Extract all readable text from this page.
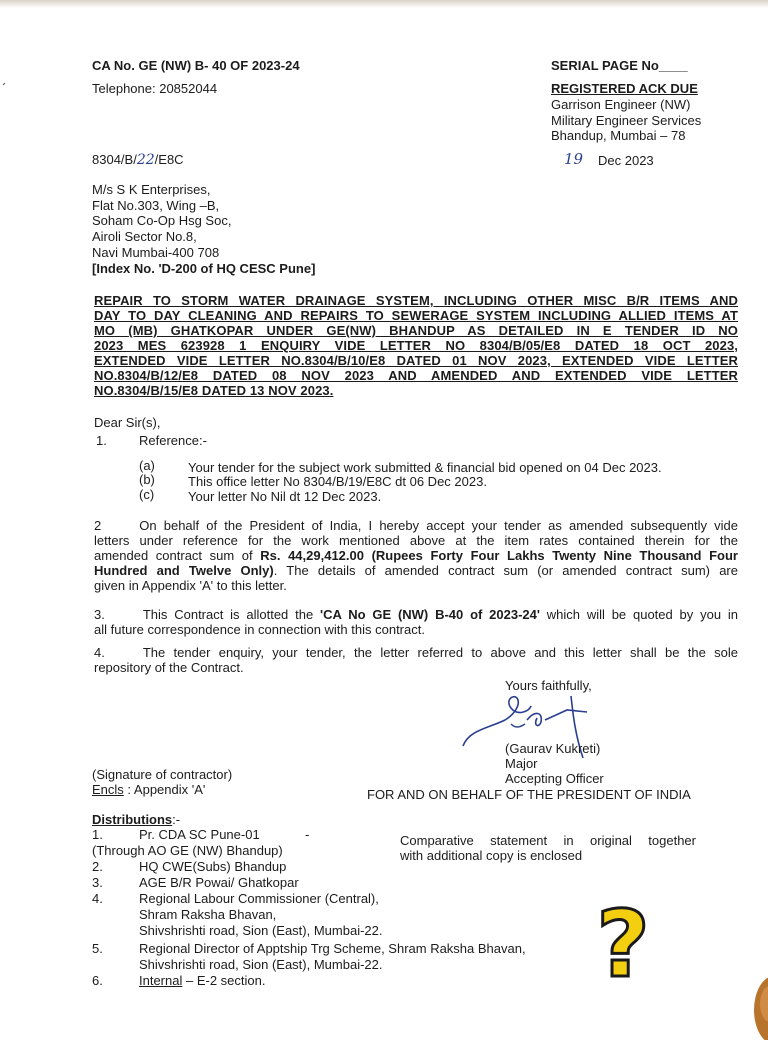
CA No. GE (NW) B- 40 OF 2023-24
Telephone: 20852044
SERIAL PAGE No____
REGISTERED ACK DUE
Garrison Engineer (NW)
Military Engineer Services
Bhandup, Mumbai – 78
8304/B/22/E8C	19 Dec 2023
M/s S K Enterprises,
Flat No.303, Wing –B,
Soham Co-Op Hsg Soc,
Airoli Sector No.8,
Navi Mumbai-400 708
[Index No. 'D-200 of HQ CESC Pune]
REPAIR TO STORM WATER DRAINAGE SYSTEM, INCLUDING OTHER MISC B/R ITEMS AND
DAY TO DAY CLEANING AND REPAIRS TO SEWERAGE SYSTEM INCLUDING ALLIED ITEMS AT
MO (MB) GHATKOPAR UNDER GE(NW) BHANDUP AS DETAILED IN E TENDER ID NO
2023 MES 623928 1 ENQUIRY VIDE LETTER NO 8304/B/05/E8 DATED 18 OCT 2023,
EXTENDED VIDE LETTER NO.8304/B/10/E8 DATED 01 NOV 2023, EXTENDED VIDE LETTER
NO.8304/B/12/E8 DATED 08 NOV 2023 AND AMENDED AND EXTENDED VIDE LETTER
NO.8304/B/15/E8 DATED 13 NOV 2023.
Dear Sir(s),
1. Reference:-
(a)	Your tender for the subject work submitted & financial bid opened on 04 Dec 2023.
(b)	This office letter No 8304/B/19/E8C dt 06 Dec 2023.
(c)	Your letter No Nil dt 12 Dec 2023.
2	On behalf of the President of India, I hereby accept your tender as amended subsequently vide
letters under reference for the work mentioned above at the item rates contained therein for the
amended contract sum of Rs. 44,29,412.00 (Rupees Forty Four Lakhs Twenty Nine Thousand Four
Hundred and Twelve Only). The details of amended contract sum (or amended contract sum) are
given in Appendix 'A' to this letter.
3.	This Contract is allotted the 'CA No GE (NW) B-40 of 2023-24' which will be quoted by you in
all future correspondence in connection with this contract.
4.	The tender enquiry, your tender, the letter referred to above and this letter shall be the sole
repository of the Contract.
Yours faithfully,
(Gaurav Kukreti)
Major
Accepting Officer
FOR AND ON BEHALF OF THE PRESIDENT OF INDIA
(Signature of contractor)
Encls : Appendix 'A'
Distributions:-
1.	Pr. CDA SC Pune-01	-
(Through AO GE (NW) Bhandup)
Comparative statement in original together
with additional copy is enclosed
2.	HQ CWE(Subs) Bhandup
3.	AGE B/R Powai/ Ghatkopar
4.	Regional Labour Commissioner (Central),
Shram Raksha Bhavan,
Shivshrishti road, Sion (East), Mumbai-22.
5.	Regional Director of Apptship Trg Scheme, Shram Raksha Bhavan,
Shivshrishti road, Sion (East), Mumbai-22.
6.	Internal – E-2 section.	?
